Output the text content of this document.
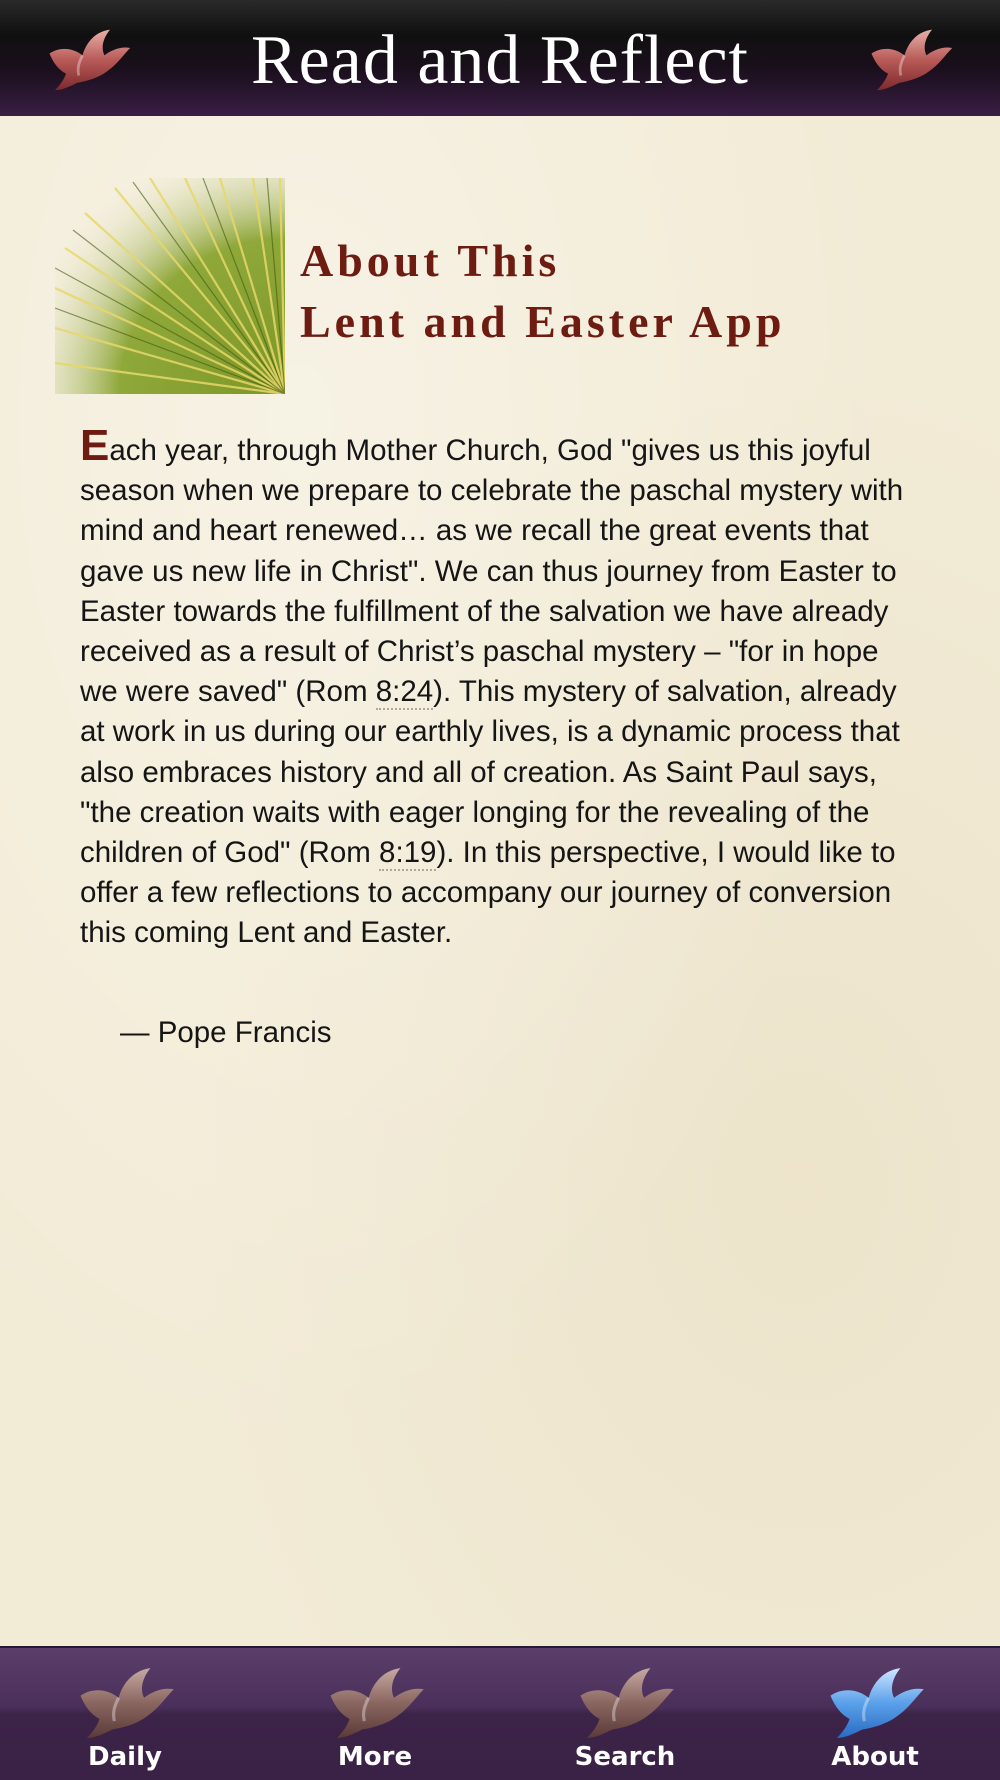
Read and Reflect
About This
Lent and Easter App
Each year, through Mother Church, God "gives us this joyful season when we prepare to celebrate the paschal mystery with mind and heart renewed… as we recall the great events that gave us new life in Christ". We can thus journey from Easter to Easter towards the fulfillment of the salvation we have already received as a result of Christ’s paschal mystery – "for in hope we were saved" (Rom 8:24). This mystery of salvation, already at work in us during our earthly lives, is a dynamic process that also embraces history and all of creation. As Saint Paul says, "the creation waits with eager longing for the revealing of the children of God" (Rom 8:19). In this perspective, I would like to offer a few reflections to accompany our journey of conversion this coming Lent and Easter.
— Pope Francis
Daily	More	Search	About
